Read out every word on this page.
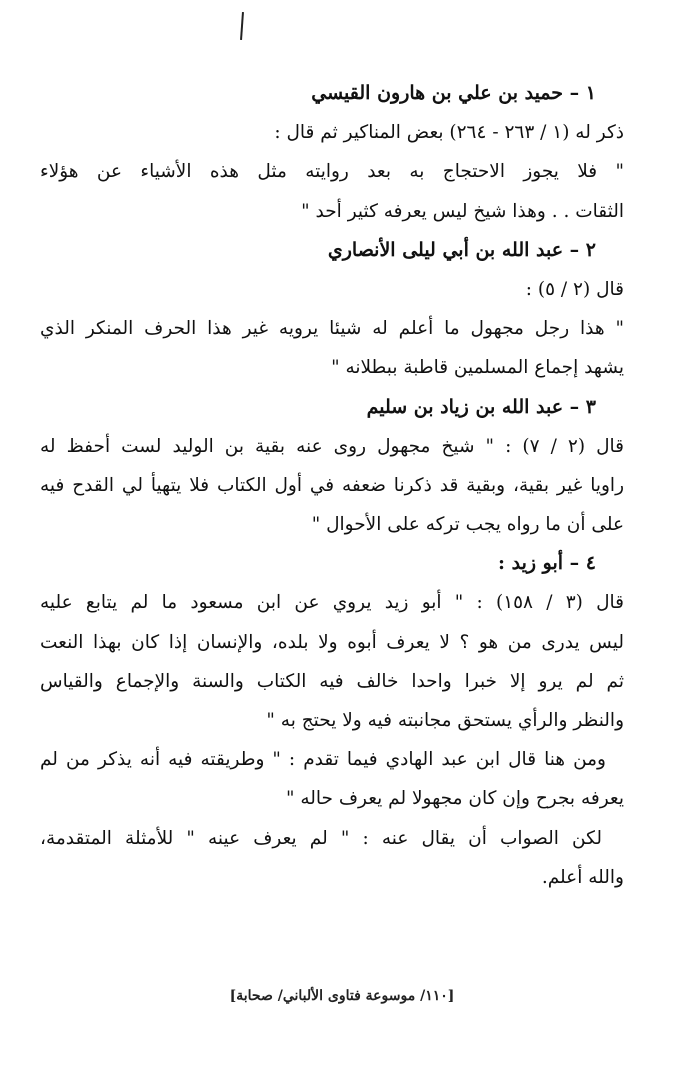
١ – حميد بن علي بن هارون القيسي
ذكر له (١ / ٢٦٣ - ٢٦٤) بعض المناكير ثم قال :
" فلا يجوز الاحتجاج به بعد روايته مثل هذه الأشياء عن هؤلاء
الثقات . . وهذا شيخ ليس يعرفه كثير أحد "
٢ – عبد الله بن أبي ليلى الأنصاري
قال (٢ / ٥) :
" هذا رجل مجهول ما أعلم له شيئا يرويه غير هذا الحرف المنكر الذي
يشهد إجماع المسلمين قاطبة ببطلانه "
٣ – عبد الله بن زياد بن سليم
قال (٢ / ٧) : " شيخ مجهول روى عنه بقية بن الوليد لست أحفظ له
راويا غير بقية، وبقية قد ذكرنا ضعفه في أول الكتاب فلا يتهيأ لي القدح فيه
على أن ما رواه يجب تركه على الأحوال "
٤ – أبو زيد :
قال (٣ / ١٥٨) : " أبو زيد يروي عن ابن مسعود ما لم يتابع عليه
ليس يدرى من هو ؟ لا يعرف أبوه ولا بلده، والإنسان إذا كان بهذا النعت
ثم لم يرو إلا خبرا واحدا خالف فيه الكتاب والسنة والإجماع والقياس
والنظر والرأي يستحق مجانبته فيه ولا يحتج به "
ومن هنا قال ابن عبد الهادي فيما تقدم : " وطريقته فيه أنه يذكر من لم
يعرفه بجرح وإن كان مجهولا لم يعرف حاله "
لكن الصواب أن يقال عنه : " لم يعرف عينه " للأمثلة المتقدمة،
والله أعلم.
[١١٠/ موسوعة فتاوى الألباني/ صحابة]
